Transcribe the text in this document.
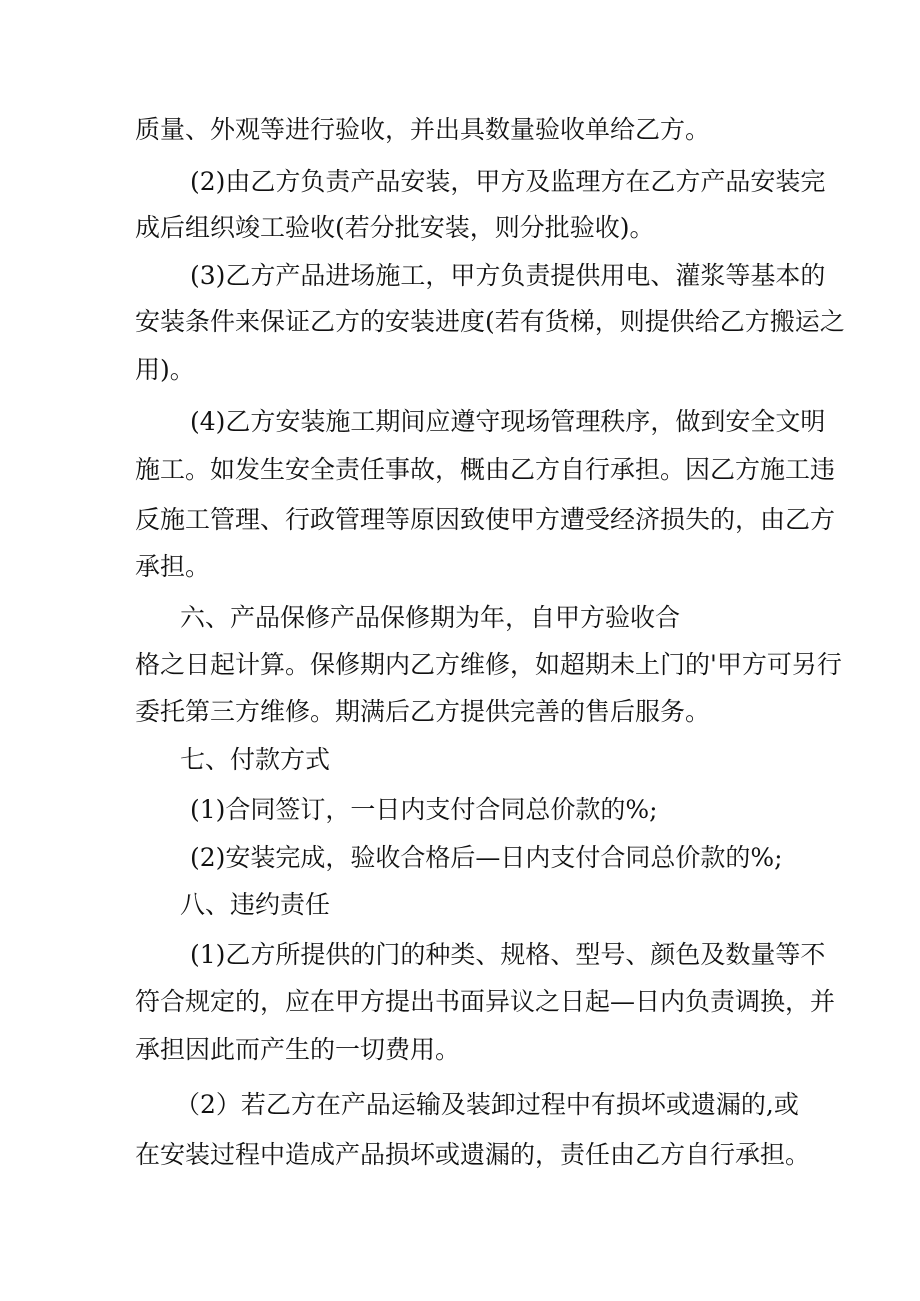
质量、外观等进行验收，并出具数量验收单给乙方。
(2)由乙方负责产品安装，甲方及监理方在乙方产品安装完
成后组织竣工验收(若分批安装，则分批验收)。
(3)乙方产品进场施工，甲方负责提供用电、灌浆等基本的
安装条件来保证乙方的安装进度(若有货梯，则提供给乙方搬运之
用)。
(4)乙方安装施工期间应遵守现场管理秩序，做到安全文明
施工。如发生安全责任事故，概由乙方自行承担。因乙方施工违
反施工管理、行政管理等原因致使甲方遭受经济损失的，由乙方
承担。
六、产品保修产品保修期为年，自甲方验收合
格之日起计算。保修期内乙方维修，如超期未上门的'甲方可另行
委托第三方维修。期满后乙方提供完善的售后服务。
七、付款方式
(1)合同签订，一日内支付合同总价款的%;
(2)安装完成，验收合格后—日内支付合同总价款的%;
八、违约责任
(1)乙方所提供的门的种类、规格、型号、颜色及数量等不
符合规定的，应在甲方提出书面异议之日起—日内负责调换，并
承担因此而产生的一切费用。
（2）若乙方在产品运输及装卸过程中有损坏或遗漏的,或
在安装过程中造成产品损坏或遗漏的，责任由乙方自行承担。
